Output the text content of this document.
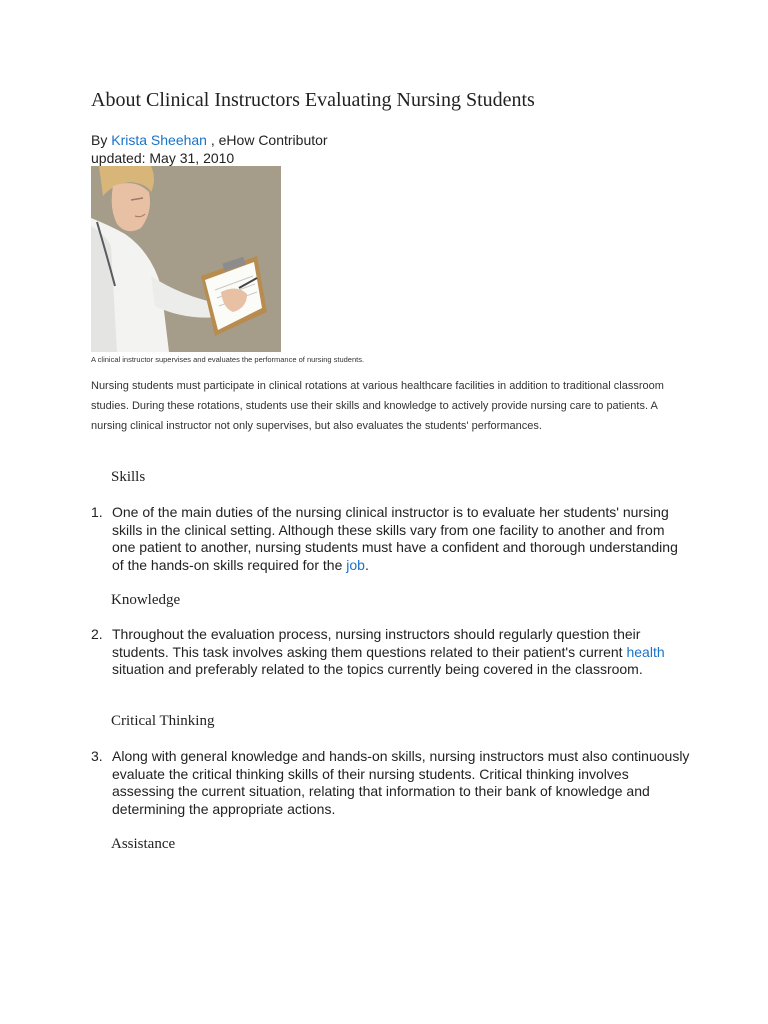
About Clinical Instructors Evaluating Nursing Students
By Krista Sheehan , eHow Contributor
updated: May 31, 2010
A clinical instructor supervises and evaluates the performance of nursing students.

Nursing students must participate in clinical rotations at various healthcare facilities in addition to traditional classroom studies. During these rotations, students use their skills and knowledge to actively provide nursing care to patients. A nursing clinical instructor not only supervises, but also evaluates the students' performances.

Skills
1. One of the main duties of the nursing clinical instructor is to evaluate her students' nursing skills in the clinical setting. Although these skills vary from one facility to another and from one patient to another, nursing students must have a confident and thorough understanding of the hands-on skills required for the job.
Knowledge
2. Throughout the evaluation process, nursing instructors should regularly question their students. This task involves asking them questions related to their patient's current health situation and preferably related to the topics currently being covered in the classroom.
Critical Thinking
3. Along with general knowledge and hands-on skills, nursing instructors must also continuously evaluate the critical thinking skills of their nursing students. Critical thinking involves assessing the current situation, relating that information to their bank of knowledge and determining the appropriate actions.
Assistance
